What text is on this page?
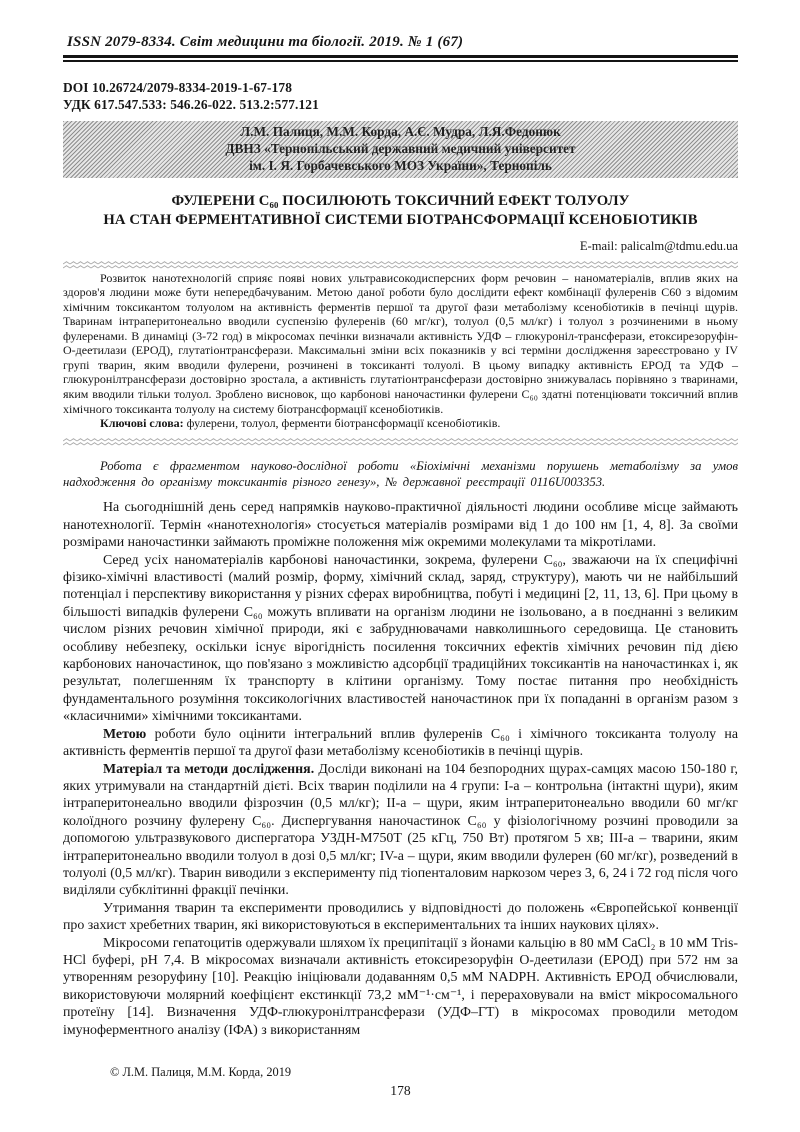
ISSN 2079-8334. Світ медицини та біології. 2019. № 1 (67)
DOI 10.26724/2079-8334-2019-1-67-178
УДК 617.547.533: 546.26-022. 513.2:577.121
Л.М. Палиця, М.М. Корда, А.Є. Мудра, Л.Я.Федонюк
ДВНЗ «Тернопільський державний медичний університет
ім. І. Я. Горбачевського МОЗ України», Тернопіль
ФУЛЕРЕНИ С₆₀ ПОСИЛЮЮТЬ ТОКСИЧНИЙ ЕФЕКТ ТОЛУОЛУ
НА СТАН ФЕРМЕНТАТИВНОЇ СИСТЕМИ БІОТРАНСФОРМАЦІЇ КСЕНОБІОТИКІВ
E-mail: palicalm@tdmu.edu.ua

Розвиток нанотехнологій сприяє появі нових ультрависокодисперсних форм речовин – наноматеріалів, вплив яких на здоров'я людини може бути непередбачуваним. Метою даної роботи було дослідити ефект комбінації фулеренів С60 з відомим хімічним токсикантом толуолом на активність ферментів першої та другої фази метаболізму ксенобіотиків в печінці щурів. Тваринам інтраперитонеально вводили суспензію фулеренів (60 мг/кг), толуол (0,5 мл/кг) і толуол з розчиненими в ньому фулеренами. В динаміці (3-72 год) в мікросомах печінки визначали активність УДФ – глюкуроніл-трансферази, етоксирезоруфін-О-деетилази (ЕРОД), глутатіонтрансферази. Максимальні зміни всіх показників у всі терміни дослідження зареєстровано у IV групі тварин, яким вводили фулерени, розчинені в токсиканті толуолі. В цьому випадку активність ЕРОД та УДФ – глюкуронілтрансферази достовірно зростала, а активність глутатіонтрансферази достовірно знижувалась порівняно з тваринами, яким вводили тільки толуол. Зроблено висновок, що карбонові наночастинки фулерени С₆₀ здатні потенціювати токсичний вплив хімічного токсиканта толуолу на систему біотрансформації ксенобіотиків.

Ключові слова: фулерени, толуол, ферменти біотрансформації ксенобіотиків.

Робота є фрагментом науково-дослідної роботи «Біохімічні механізми порушень метаболізму за умов надходження до організму токсикантів різного генезу», № державної реєстрації 0116U003353.

На сьогоднішній день серед напрямків науково-практичної діяльності людини особливе місце займають нанотехнології. Термін «нанотехнологія» стосується матеріалів розмірами від 1 до 100 нм [1, 4, 8]. За своїми розмірами наночастинки займають проміжне положення між окремими молекулами та мікротілами.

Серед усіх наноматеріалів карбонові наночастинки, зокрема, фулерени С₆₀, зважаючи на їх специфічні фізико-хімічні властивості (малий розмір, форму, хімічний склад, заряд, структуру), мають чи не найбільший потенціал і перспективу використання у різних сферах виробництва, побуті і медицині [2, 11, 13, 6]. При цьому в більшості випадків фулерени С₆₀ можуть впливати на організм людини не ізольовано, а в поєднанні з великим числом різних речовин хімічної природи, які є забруднювачами навколишнього середовища. Це становить особливу небезпеку, оскільки існує вірогідність посилення токсичних ефектів хімічних речовин під дією карбонових наночастинок, що пов'язано з можливістю адсорбції традиційних токсикантів на наночастинках і, як результат, полегшенням їх транспорту в клітини організму. Тому постає питання про необхідність фундаментального розуміння токсикологічних властивостей наночастинок при їх попаданні в організм разом з «класичними» хімічними токсикантами.

Метою роботи було оцінити інтегральний вплив фулеренів С₆₀ і хімічного токсиканта толуолу на активність ферментів першої та другої фази метаболізму ксенобіотиків в печінці щурів.

Матеріал та методи дослідження. Досліди виконані на 104 безпородних щурах-самцях масою 150-180 г, яких утримували на стандартній дієті. Всіх тварин поділили на 4 групи: I-а – контрольна (інтактні щури), яким інтраперитонеально вводили фізрозчин (0,5 мл/кг); II-а – щури, яким інтраперитонеально вводили 60 мг/кг колоїдного розчину фулерену С₆₀. Диспергування наночастинок С₆₀ у фізіологічному розчині проводили за допомогою ультразвукового диспергатора УЗДН-М750Т (25 кГц, 750 Вт) протягом 5 хв; III-а – тварини, яким інтраперитонеально вводили толуол в дозі 0,5 мл/кг; IV-а – щури, яким вводили фулерен (60 мг/кг), розведений в толуолі (0,5 мл/кг). Тварин виводили з експерименту під тіопенталовим наркозом через 3, 6, 24 і 72 год після чого виділяли субклітинні фракції печінки.

Утримання тварин та експерименти проводились у відповідності до положень «Європейської конвенції про захист хребетних тварин, які використовуються в експериментальних та інших наукових цілях».

Мікросоми гепатоцитів одержували шляхом їх преципітації з йонами кальцію в 80 мМ CaCl₂ в 10 мМ Tris-HCl буфері, pH 7,4. В мікросомах визначали активність етоксирезоруфін О-деетилази (ЕРОД) при 572 нм за утворенням резоруфину [10]. Реакцію ініціювали додаванням 0,5 мМ NADPH. Активність ЕРОД обчислювали, використовуючи молярний коефіцієнт екстинкції 73,2 мМ⁻¹·см⁻¹, і перераховували на вміст мікросомального протеїну [14]. Визначення УДФ-глюкуронілтрансферази (УДФ–ГТ) в мікросомах проводили методом імуноферментного аналізу (ІФА) з використанням

© Л.М. Палиця, М.М. Корда, 2019
178
